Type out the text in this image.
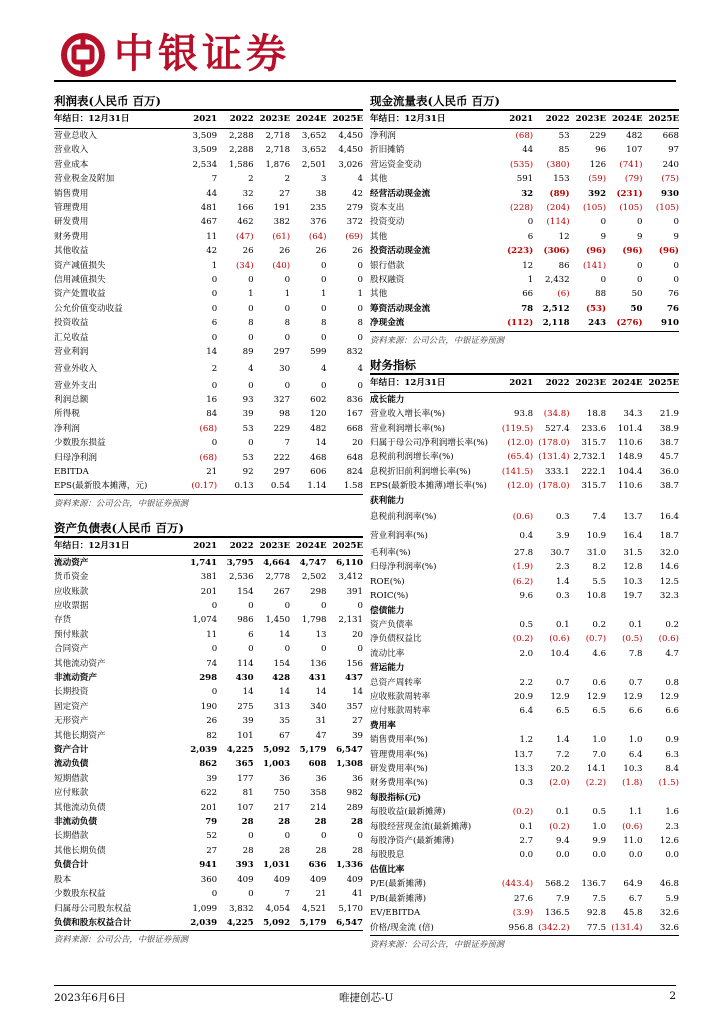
中银证券
利润表(人民币 百万)
年结日：12月31日	2021	2022	2023E	2024E	2025E
营业总收入	3,509	2,288	2,718	3,652	4,450
营业收入	3,509	2,288	2,718	3,652	4,450
营业成本	2,534	1,586	1,876	2,501	3,026
营业税金及附加	7	2	2	3	4
销售费用	44	32	27	38	42
管理费用	481	166	191	235	279
研发费用	467	462	382	376	372
财务费用	11	(47)	(61)	(64)	(69)
其他收益	42	26	26	26	26
资产减值损失	1	(34)	(40)	0	0
信用减值损失	0	0	0	0	0
资产处置收益	0	1	1	1	1
公允价值变动收益	0	0	0	0	0
投资收益	6	8	8	8	8
汇兑收益	0	0	0	0	0
营业利润	14	89	297	599	832
营业外收入	2	4	30	4	4
营业外支出	0	0	0	0	0
利润总额	16	93	327	602	836
所得税	84	39	98	120	167
净利润	(68)	53	229	482	668
少数股东损益	0	0	7	14	20
归母净利润	(68)	53	222	468	648
EBITDA	21	92	297	606	824
EPS(最新股本摊薄，元)	(0.17)	0.13	0.54	1.14	1.58
资料来源：公司公告，中银证券预测
资产负债表(人民币 百万)
年结日：12月31日	2021	2022	2023E	2024E	2025E
流动资产	1,741	3,795	4,664	4,747	6,110
货币资金	381	2,536	2,778	2,502	3,412
应收账款	201	154	267	298	391
应收票据	0	0	0	0	0
存货	1,074	986	1,450	1,798	2,131
预付账款	11	6	14	13	20
合同资产	0	0	0	0	0
其他流动资产	74	114	154	136	156
非流动资产	298	430	428	431	437
长期投资	0	14	14	14	14
固定资产	190	275	313	340	357
无形资产	26	39	35	31	27
其他长期资产	82	101	67	47	39
资产合计	2,039	4,225	5,092	5,179	6,547
流动负债	862	365	1,003	608	1,308
短期借款	39	177	36	36	36
应付账款	622	81	750	358	982
其他流动负债	201	107	217	214	289
非流动负债	79	28	28	28	28
长期借款	52	0	0	0	0
其他长期负债	27	28	28	28	28
负债合计	941	393	1,031	636	1,336
股本	360	409	409	409	409
少数股东权益	0	0	7	21	41
归属母公司股东权益	1,099	3,832	4,054	4,521	5,170
负债和股东权益合计	2,039	4,225	5,092	5,179	6,547
资料来源：公司公告，中银证券预测
现金流量表(人民币 百万)
年结日：12月31日	2021	2022	2023E	2024E	2025E
净利润	(68)	53	229	482	668
折旧摊销	44	85	96	107	97
营运资金变动	(535)	(380)	126	(741)	240
其他	591	153	(59)	(79)	(75)
经营活动现金流	32	(89)	392	(231)	930
资本支出	(228)	(204)	(105)	(105)	(105)
投资变动	0	(114)	0	0	0
其他	6	12	9	9	9
投资活动现金流	(223)	(306)	(96)	(96)	(96)
银行借款	12	86	(141)	0	0
股权融资	1	2,432	0	0	0
其他	66	(6)	88	50	76
筹资活动现金流	78	2,512	(53)	50	76
净现金流	(112)	2,118	243	(276)	910
资料来源：公司公告，中银证券预测
财务指标
年结日：12月31日	2021	2022	2023E	2024E	2025E
成长能力					
营业收入增长率(%)	93.8	(34.8)	18.8	34.3	21.9
营业利润增长率(%)	(119.5)	527.4	233.6	101.4	38.9
归属于母公司净利润增长率(%)	(12.0)	(178.0)	315.7	110.6	38.7
息税前利润增长率(%)	(65.4)	(131.4)	2,732.1	148.9	45.7
息税折旧前利润增长率(%)	(141.5)	333.1	222.1	104.4	36.0
EPS(最新股本摊薄)增长率(%)	(12.0)	(178.0)	315.7	110.6	38.7
获利能力					
息税前利润率(%)	(0.6)	0.3	7.4	13.7	16.4
营业利润率(%)	0.4	3.9	10.9	16.4	18.7
毛利率(%)	27.8	30.7	31.0	31.5	32.0
归母净利润率(%)	(1.9)	2.3	8.2	12.8	14.6
ROE(%)	(6.2)	1.4	5.5	10.3	12.5
ROIC(%)	9.6	0.3	10.8	19.7	32.3
偿债能力					
资产负债率	0.5	0.1	0.2	0.1	0.2
净负债权益比	(0.2)	(0.6)	(0.7)	(0.5)	(0.6)
流动比率	2.0	10.4	4.6	7.8	4.7
营运能力					
总资产周转率	2.2	0.7	0.6	0.7	0.8
应收账款周转率	20.9	12.9	12.9	12.9	12.9
应付账款周转率	6.4	6.5	6.5	6.6	6.6
费用率					
销售费用率(%)	1.2	1.4	1.0	1.0	0.9
管理费用率(%)	13.7	7.2	7.0	6.4	6.3
研发费用率(%)	13.3	20.2	14.1	10.3	8.4
财务费用率(%)	0.3	(2.0)	(2.2)	(1.8)	(1.5)
每股指标(元)					
每股收益(最新摊薄)	(0.2)	0.1	0.5	1.1	1.6
每股经营现金流(最新摊薄)	0.1	(0.2)	1.0	(0.6)	2.3
每股净资产(最新摊薄)	2.7	9.4	9.9	11.0	12.6
每股股息	0.0	0.0	0.0	0.0	0.0
估值比率					
P/E(最新摊薄)	(443.4)	568.2	136.7	64.9	46.8
P/B(最新摊薄)	27.6	7.9	7.5	6.7	5.9
EV/EBITDA	(3.9)	136.5	92.8	45.8	32.6
价格/现金流 (倍)	956.8	(342.2)	77.5	(131.4)	32.6
资料来源：公司公告，中银证券预测
2023年6月6日	唯捷创芯-U	2
